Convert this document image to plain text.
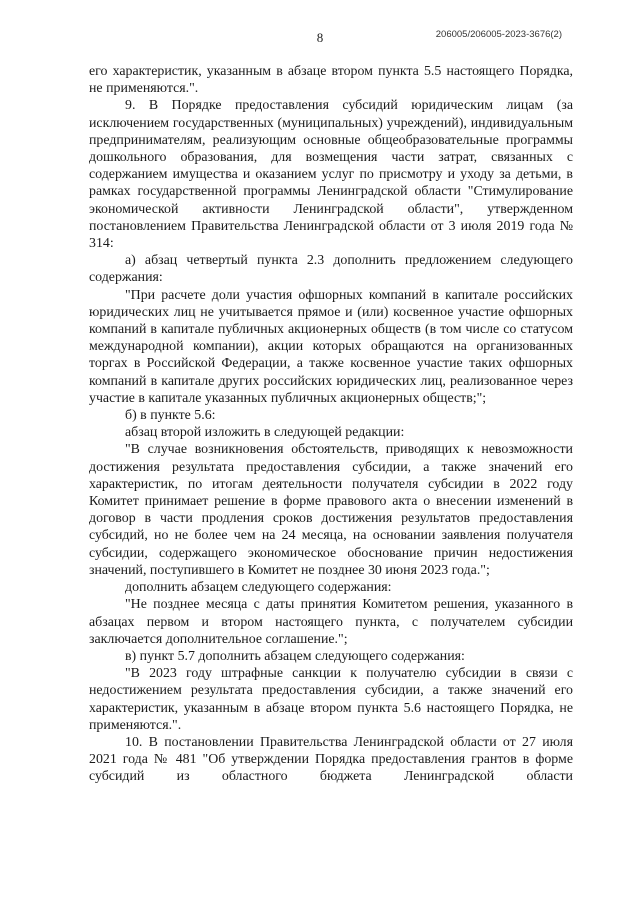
8	206005/206005-2023-3676(2)

его характеристик, указанным в абзаце втором пункта 5.5 настоящего Порядка, не применяются.".

9. В Порядке предоставления субсидий юридическим лицам (за исключением государственных (муниципальных) учреждений), индивидуальным предпринимателям, реализующим основные общеобразовательные программы дошкольного образования, для возмещения части затрат, связанных с содержанием имущества и оказанием услуг по присмотру и уходу за детьми, в рамках государственной программы Ленинградской области "Стимулирование экономической активности Ленинградской области", утвержденном постановлением Правительства Ленинградской области от 3 июля 2019 года № 314:

а) абзац четвертый пункта 2.3 дополнить предложением следующего содержания:

"При расчете доли участия офшорных компаний в капитале российских юридических лиц не учитывается прямое и (или) косвенное участие офшорных компаний в капитале публичных акционерных обществ (в том числе со статусом международной компании), акции которых обращаются на организованных торгах в Российской Федерации, а также косвенное участие таких офшорных компаний в капитале других российских юридических лиц, реализованное через участие в капитале указанных публичных акционерных обществ;";

б) в пункте 5.6:

абзац второй изложить в следующей редакции:

"В случае возникновения обстоятельств, приводящих к невозможности достижения результата предоставления субсидии, а также значений его характеристик, по итогам деятельности получателя субсидии в 2022 году Комитет принимает решение в форме правового акта о внесении изменений в договор в части продления сроков достижения результатов предоставления субсидий, но не более чем на 24 месяца, на основании заявления получателя субсидии, содержащего экономическое обоснование причин недостижения значений, поступившего в Комитет не позднее 30 июня 2023 года.";

дополнить абзацем следующего содержания:

"Не позднее месяца с даты принятия Комитетом решения, указанного в абзацах первом и втором настоящего пункта, с получателем субсидии заключается дополнительное соглашение.";

в) пункт 5.7 дополнить абзацем следующего содержания:

"В 2023 году штрафные санкции к получателю субсидии в связи с недостижением результата предоставления субсидии, а также значений его характеристик, указанным в абзаце втором пункта 5.6 настоящего Порядка, не применяются.".

10. В постановлении Правительства Ленинградской области от 27 июля 2021 года № 481 "Об утверждении Порядка предоставления грантов в форме субсидий из областного бюджета Ленинградской области
